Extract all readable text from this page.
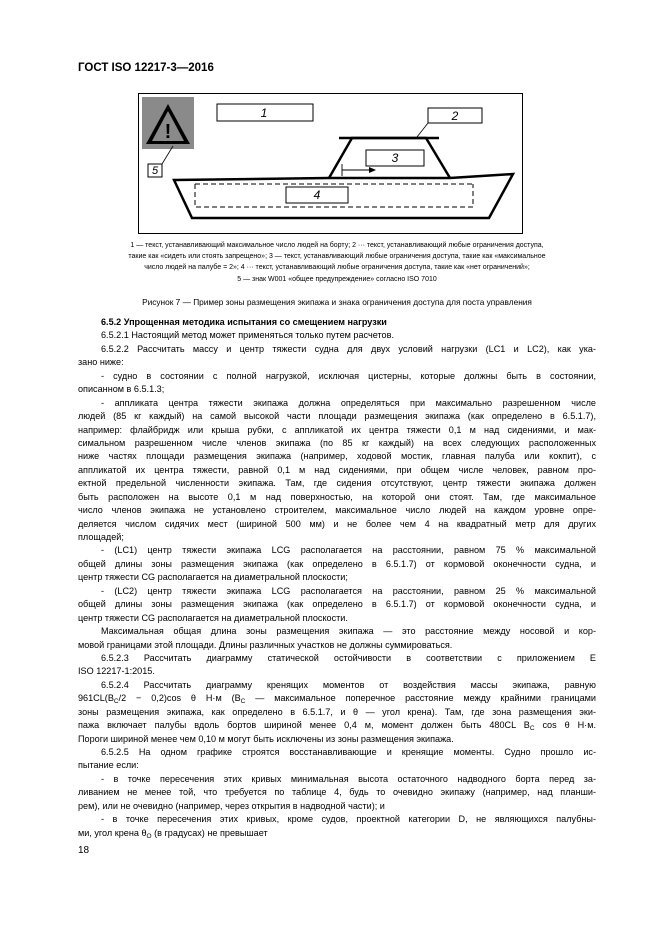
ГОСТ ISO 12217-3—2016
!
5
1	2
3
4
1 — текст, устанавливающий максимальное число людей на борту; 2 ··· текст, устанавливающий любые ограничения доступа,
такие как «сидеть или стоять запрещено»; 3 — текст, устанавливающий любые ограничения доступа, такие как «максимальное
число людей на палубе = 2»; 4 ··· текст, устанавливающий любые ограничения доступа, такие как «нет ограничений»;
5 — знак W001 «общее предупреждение» согласно ISO 7010
Рисунок 7 — Пример зоны размещения экипажа и знака ограничения доступа для поста управления
6.5.2 Упрощенная методика испытания со смещением нагрузки
6.5.2.1 Настоящий метод может применяться только путем расчетов.
6.5.2.2 Рассчитать массу и центр тяжести судна для двух условий нагрузки (LC1 и LC2), как ука-
зано ниже:
- судно в состоянии с полной нагрузкой, исключая цистерны, которые должны быть в состоянии,
описанном в 6.5.1.3;
- аппликата центра тяжести экипажа должна определяться при максимально разрешенном числе
людей (85 кг каждый) на самой высокой части площади размещения экипажа (как определено в 6.5.1.7),
например: флайбридж или крыша рубки, с аппликатой их центра тяжести 0,1 м над сидениями, и мак-
симальном разрешенном числе членов экипажа (по 85 кг каждый) на всех следующих расположенных
ниже частях площади размещения экипажа (например, ходовой мостик, главная палуба или кокпит), с
аппликатой их центра тяжести, равной 0,1 м над сидениями, при общем числе человек, равном про-
ектной предельной численности экипажа. Там, где сидения отсутствуют, центр тяжести экипажа должен
быть расположен на высоте 0,1 м над поверхностью, на которой они стоят. Там, где максимальное
число членов экипажа не установлено строителем, максимальное число людей на каждом уровне опре-
деляется числом сидячих мест (шириной 500 мм) и не более чем 4 на квадратный метр для других
площадей;
- (LC1) центр тяжести экипажа LCG располагается на расстоянии, равном 75 % максимальной
общей длины зоны размещения экипажа (как определено в 6.5.1.7) от кормовой оконечности судна, и
центр тяжести CG располагается на диаметральной плоскости;
- (LC2) центр тяжести экипажа LCG располагается на расстоянии, равном 25 % максимальной
общей длины зоны размещения экипажа (как определено в 6.5.1.7) от кормовой оконечности судна, и
центр тяжести CG располагается на диаметральной плоскости.
Максимальная общая длина зоны размещения экипажа — это расстояние между носовой и кор-
мовой границами этой площади. Длины различных участков не должны суммироваться.
6.5.2.3 Рассчитать диаграмму статической остойчивости в соответствии с приложением E
ISO 12217-1:2015.
6.5.2.4 Рассчитать диаграмму кренящих моментов от воздействия массы экипажа, равную
$961CL(B_C/2 - 0,2)\cos$ θ H·м ($B_C$ — максимальное поперечное расстояние между крайними границами
зоны размещения экипажа, как определено в 6.5.1.7, и θ — угол крена). Там, где зона размещения эки-
пажа включает палубы вдоль бортов шириной менее 0,4 м, момент должен быть 480CL $B_C$ cos θ H·м.
Пороги шириной менее чем 0,10 м могут быть исключены из зоны размещения экипажа.
6.5.2.5 На одном графике строятся восстанавливающие и кренящие моменты. Судно прошло ис-
пытание если:
- в точке пересечения этих кривых минимальная высота остаточного надводного борта перед за-
ливанием не менее той, что требуется по таблице 4, будь то очевидно экипажу (например, над планши-
рем), или не очевидно (например, через открытия в надводной части); и
- в точке пересечения этих кривых, кроме судов, проектной категории D, не являющихся палубны-
ми, угол крена $\theta_O$ (в градусах) не превышает
18
